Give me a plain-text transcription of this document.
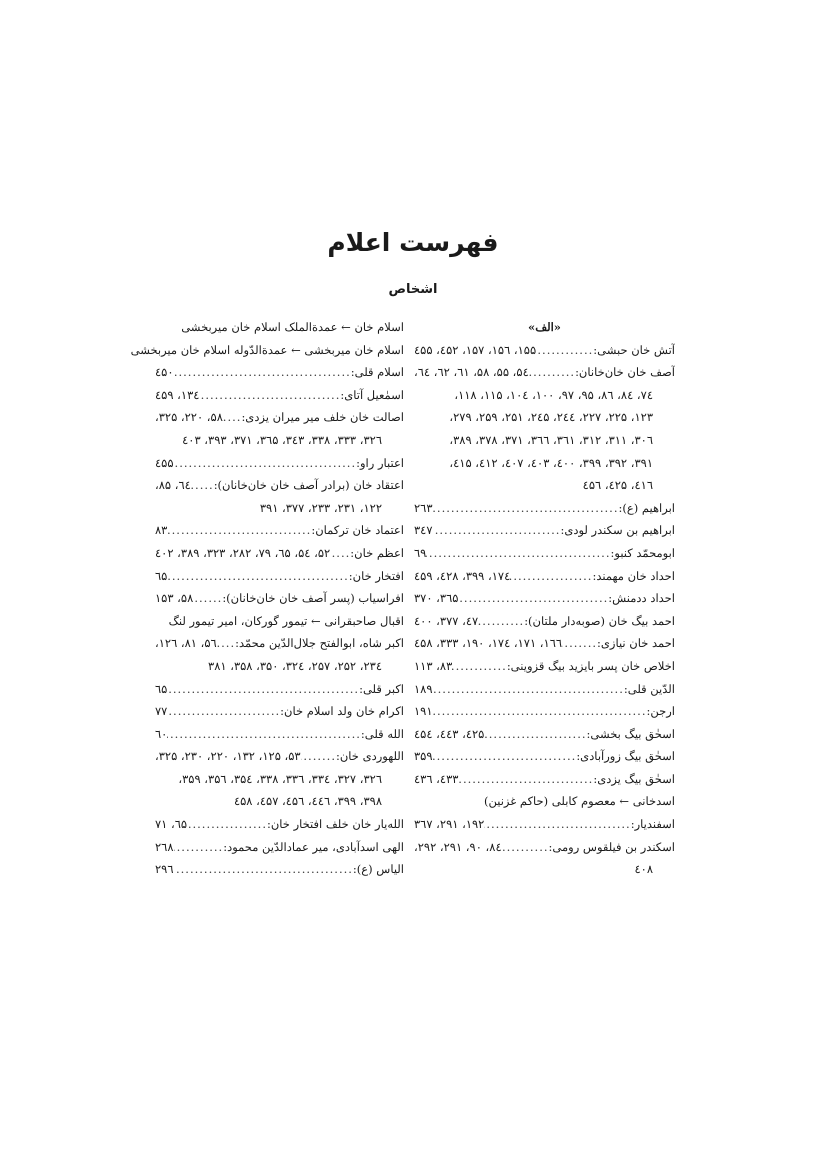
فهرست اعلام
اشخاص
«الف»
آتش خان حبشی:
.....
۱۵۵، ۱۵٦، ۱۵۷، ٤۵۲، ٤۵۵
آصف خان خان‌خانان:
.....
۵٤، ۵۵، ۵۸، ٦۱، ٦۲، ٦٤،
۷٤، ۸٤، ۸٦، ۹۵، ۹۷، ۱۰۰، ۱۰٤، ۱۱۵، ۱۱۸،
۱۲۳، ۲۲۵، ۲۲۷، ۲٤٤، ۲٤۵، ۲۵۱، ۲۵۹، ۲۷۹،
۳۰٦، ۳۱۱، ۳۱۲، ۳٦۱، ۳٦٦، ۳۷۱، ۳۷۸، ۳۸۹،
۳۹۱، ۳۹۲، ۳۹۹، ٤۰۰، ٤۰۳، ٤۰۷، ٤۱۲، ٤۱۵،
٤۱٦، ٤۲۵، ٤۵٦
ابراهیم (ع):
.....
۲٦۳
ابراهیم بن سکندر لودی:
.....
۳٤۷
ابومحمّد کنبو:
.....
٦۹
احداد خان مهمند:
.....
۱۷٤، ۳۹۹، ٤۲۸، ٤۵۹
احداد ددمنش:
.....
۳٦۵، ۳۷۰
احمد بیگ خان (صوبه‌دار ملتان):
.....
٤۷، ۳۷۷، ٤۰۰
احمد خان نیازی:
.....
۱٦٦، ۱۷۱، ۱۷٤، ۱۹۰، ۳۳۳، ٤۵۸
اخلاص خان پسر بایزید بیگ قزوینی:
.....
۸۳، ۱۱۳
الدّین قلی:
.....
۱۸۹
ارجن:
.....
۱۹۱
اسحٰق بیگ بخشی:
.....
٤۲۵، ٤٤۳، ٤۵٤
اسحٰق بیگ زورآبادی:
.....
۳۵۹
اسحٰق بیگ یزدی:
.....
٤۳۳، ٤۳٦
اسدخانی ← معصوم کابلی (حاکم غزنین)
اسفندیار:
.....
۱۹۲، ۲۹۱، ۳٦۷
اسکندر بن فیلقوس رومی:
.....
۸٤، ۹۰، ۲۹۱، ۲۹۲،
٤۰۸
اسلام خان ← عمدة‌الملک اسلام خان میربخشی
اسلام خان میربخشی ← عمدة‌الدّوله اسلام خان میربخشی
اسلام قلی:
.....
٤۵۰
اسمٰعیل آتای:
.....
۱۳٤، ٤۵۹
اصالت خان خلف میر میران یزدی:
.....
۵۸، ۲۲۰، ۳۲۵،
۳۲٦، ۳۳۳، ۳۳۸، ۳٤۳، ۳٦۵، ۳۷۱، ۳۹۳، ٤۰۳
اعتبار راو:
.....
٤۵۵
اعتقاد خان (برادر آصف خان خان‌خانان):
.....
٦٤، ۸۵،
۱۲۲، ۲۳۱، ۲۳۳، ۳۷۷، ۳۹۱
اعتماد خان ترکمان:
.....
۸۳
اعظم خان:
.....
۵۲، ۵٤، ٦۵، ۷۹، ۲۸۲، ۳۲۳، ۳۸۹، ٤۰۲
افتخار خان:
.....
٦۵
افراسیاب (پسر آصف خان خان‌خانان):
.....
۵۸، ۱۵۳
اقبال صاحبقرانی ← تیمور گورکان، امیر تیمور لنگ
اکبر شاه، ابوالفتح جلال‌الدّین محمّد:
.....
۵٦، ۸۱، ۱۲٦،
۲۳٤، ۲۵۲، ۲۵۷، ۳۲٤، ۳۵۰، ۳۵۸، ۳۸۱
اکبر قلی:
.....
٦۵
اکرام خان ولد اسلام خان:
.....
۷۷
الله قلی:
.....
٦۰
اللهوردی خان:
.....
۵۳، ۱۲۵، ۱۳۲، ۲۲۰، ۲۳۰، ۳۲۵،
۳۲٦، ۳۲۷، ۳۳٤، ۳۳٦، ۳۳۸، ۳۵٤، ۳۵٦، ۳۵۹،
۳۹۸، ۳۹۹، ٤٤٦، ٤۵٦، ٤۵۷، ٤۵۸
الله‌یار خان خلف افتخار خان:
.....
٦۵، ۷۱
الهی اسدآبادی، میر عمادالدّین محمود:
.....
۲٦۸
الیاس (ع):
.....
۲۹٦
